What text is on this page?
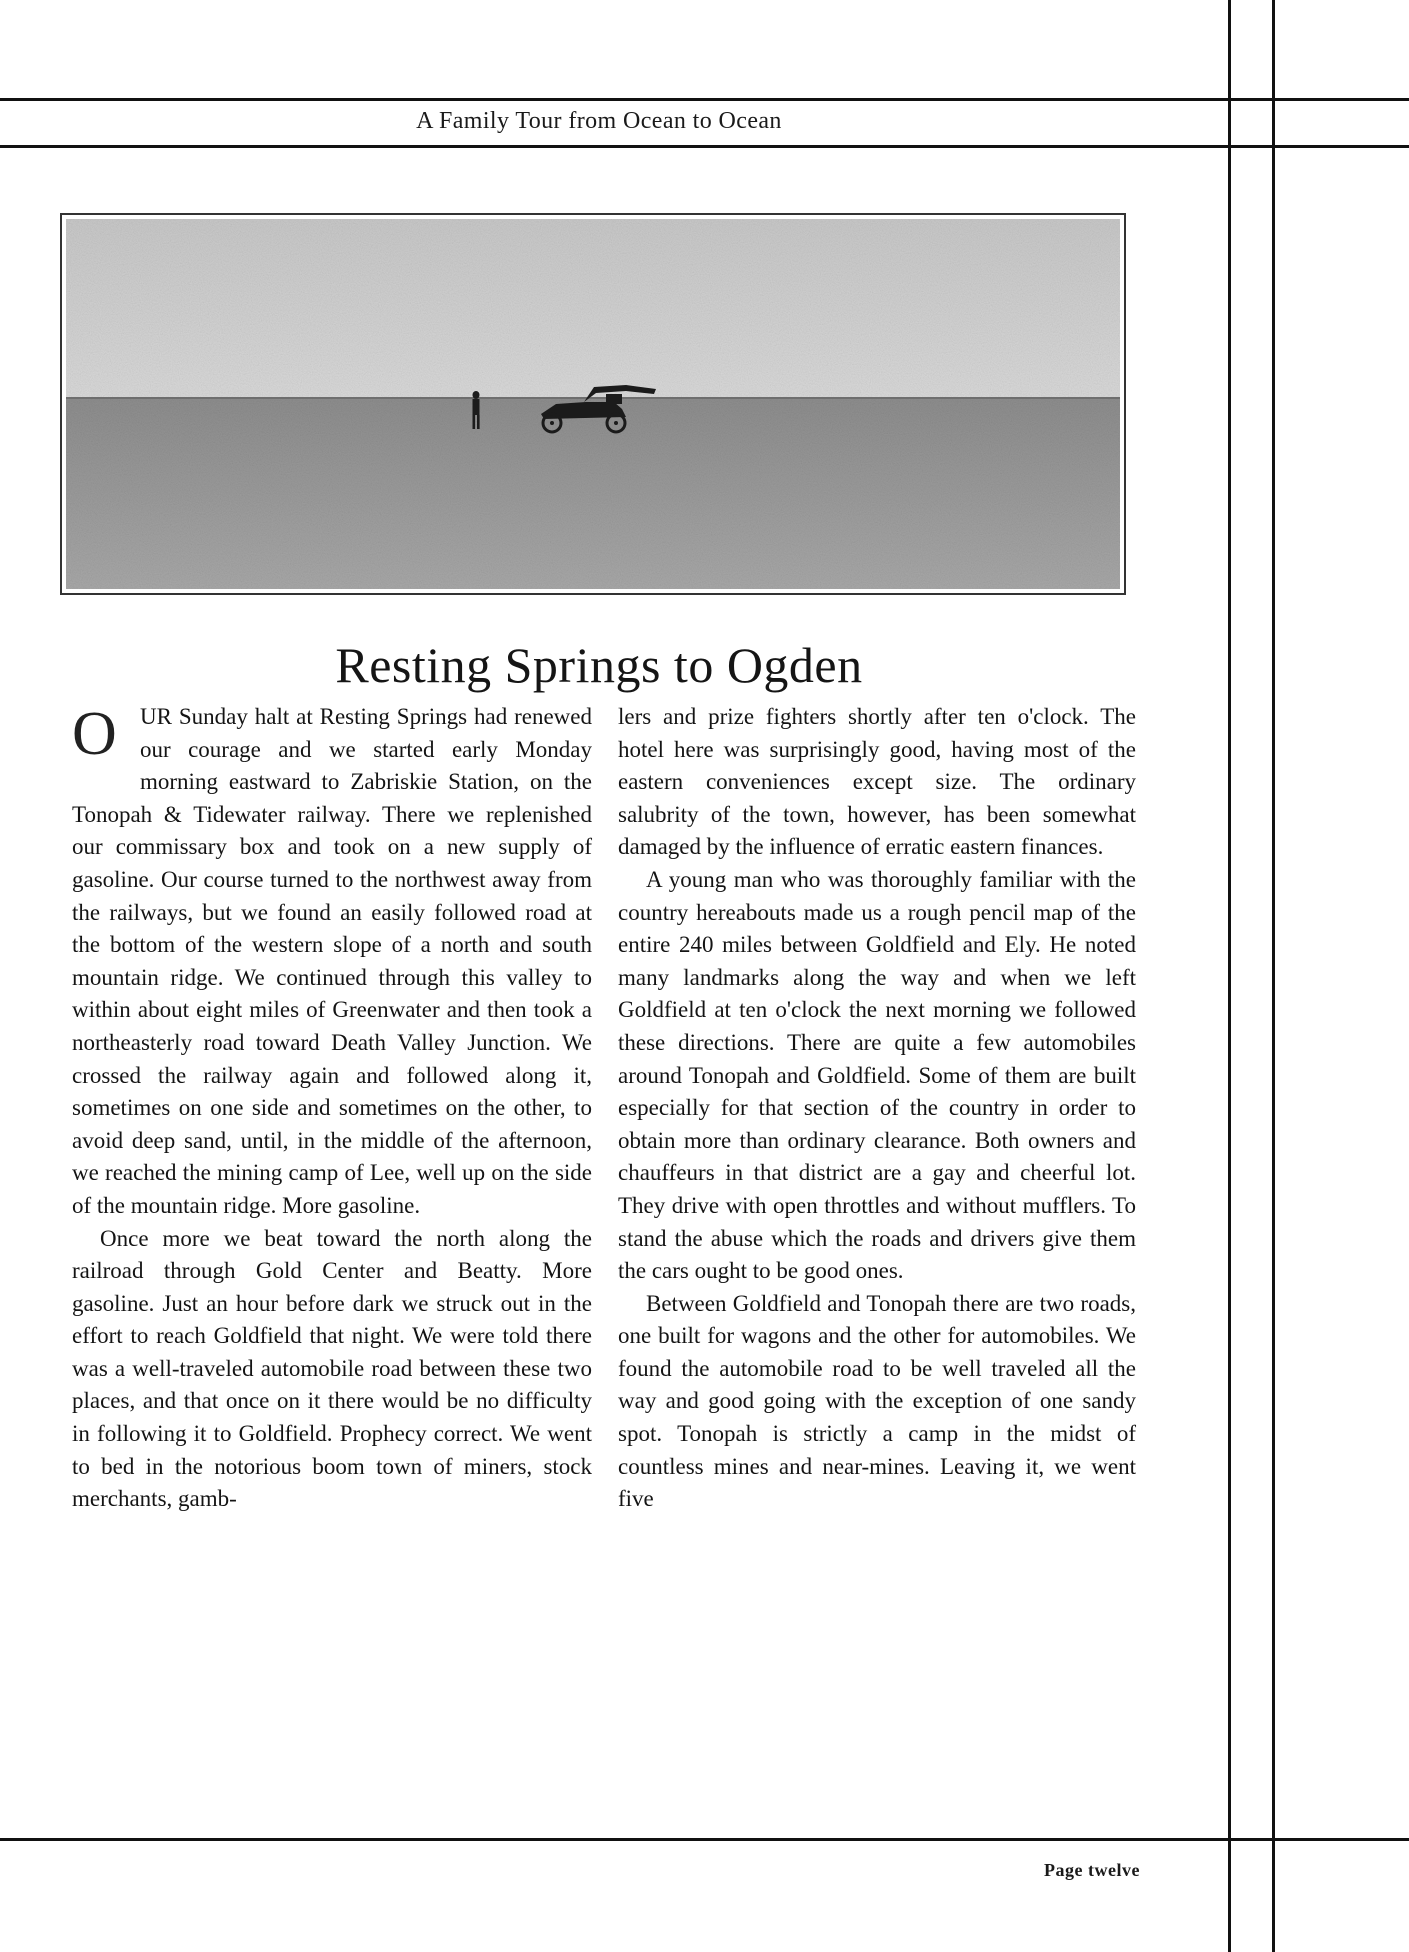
A Family Tour from Ocean to Ocean
Resting Springs to Ogden

O	UR Sunday halt at Resting Springs had renewed our courage and we started early Monday morning eastward to Zabriskie Station, on the Tonopah & Tidewater railway. There we replenished our commissary box and took on a new supply of gasoline. Our course turned to the northwest away from the railways, but we found an easily followed road at the bottom of the western slope of a north and south mountain ridge. We continued through this valley to within about eight miles of Greenwater and then took a northeasterly road toward Death Valley Junction. We crossed the railway again and followed along it, sometimes on one side and sometimes on the other, to avoid deep sand, until, in the middle of the afternoon, we reached the mining camp of Lee, well up on the side of the mountain ridge. More gasoline.

Once more we beat toward the north along the railroad through Gold Center and Beatty. More gasoline. Just an hour before dark we struck out in the effort to reach Goldfield that night. We were told there was a well-traveled automobile road between these two places, and that once on it there would be no difficulty in following it to Goldfield. Prophecy correct. We went to bed in the notorious boom town of miners, stock merchants, gamb-

lers and prize fighters shortly after ten o'clock. The hotel here was surprisingly good, having most of the eastern conveniences except size. The ordinary salubrity of the town, however, has been somewhat damaged by the influence of erratic eastern finances.

A young man who was thoroughly familiar with the country hereabouts made us a rough pencil map of the entire 240 miles between Goldfield and Ely. He noted many landmarks along the way and when we left Goldfield at ten o'clock the next morning we followed these directions. There are quite a few automobiles around Tonopah and Goldfield. Some of them are built especially for that section of the country in order to obtain more than ordinary clearance. Both owners and chauffeurs in that district are a gay and cheerful lot. They drive with open throttles and without mufflers. To stand the abuse which the roads and drivers give them the cars ought to be good ones.

Between Goldfield and Tonopah there are two roads, one built for wagons and the other for automobiles. We found the automobile road to be well traveled all the way and good going with the exception of one sandy spot. Tonopah is strictly a camp in the midst of countless mines and near-mines. Leaving it, we went five

Page twelve
